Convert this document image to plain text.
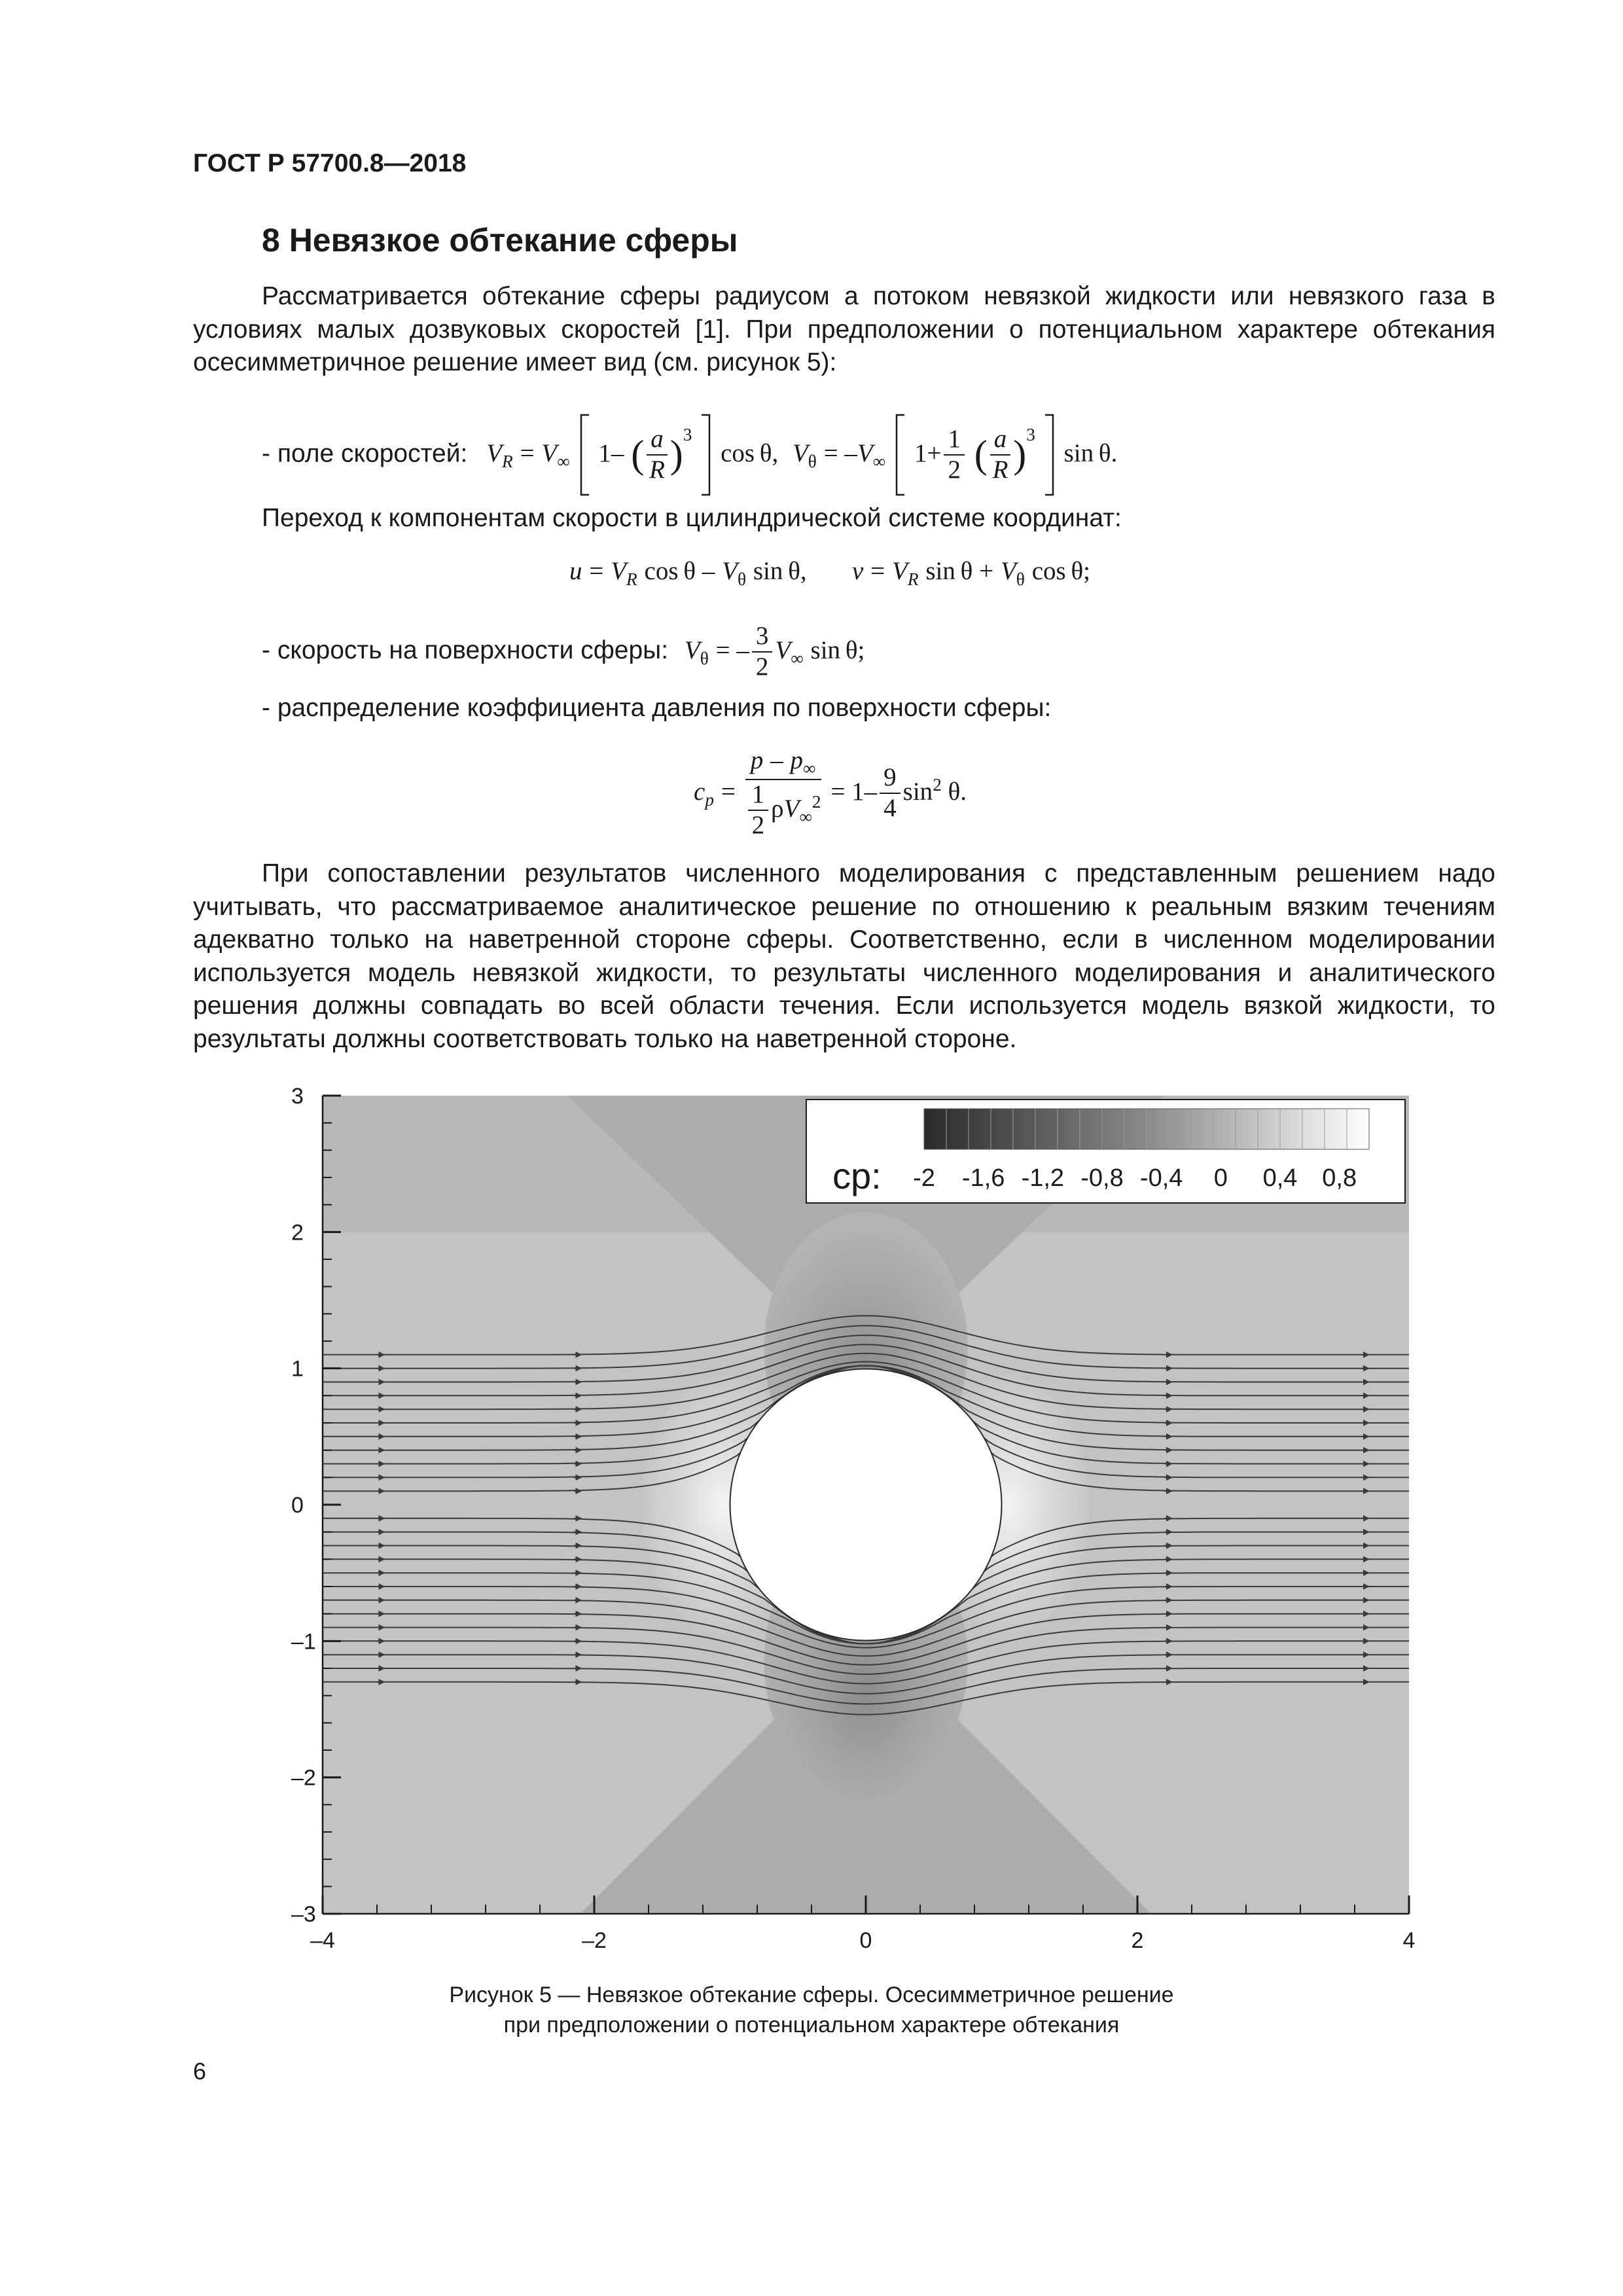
ГОСТ Р 57700.8—2018
8 Невязкое обтекание сферы

Рассматривается обтекание сферы радиусом a потоком невязкой жидкости или невязкого газа в условиях малых дозвуковых скоростей [1]. При предположении о потенциальном характере обтекания осесимметричное решение имеет вид (см. рисунок 5):

- поле скоростей: $V_R = V_\infty$ 1– ( $\frac{a}{R} )^3$  cos θ, $V_\theta = -V_\infty$ $1+ \frac{1}{2}$ ( $\frac{a}{R} )^3$  sin θ.
Переход к компонентам скорости в цилиндрической системе координат:
$u = V_R$ cos θ – $V_\theta$ sin θ,    $v = V_R$ $\sin \theta + V_\theta$ cos θ;
- скорость на поверхности сферы: $V_\theta$ = – $\frac{3}{2} V_\infty$ sin θ;
- распределение коэффициента давления по поверхности сферы:
$c_p = \frac{p - p_\infty}{\frac{1}{2} \rho V_\infty^2} = 1- \frac{9}{4} \sin^2 \theta$.

При сопоставлении результатов численного моделирования с представленным решением надо учитывать, что рассматриваемое аналитическое решение по отношению к реальным вязким течениям адекватно только на наветренной стороне сферы. Соответственно, если в численном моделировании используется модель невязкой жидкости, то результаты численного моделирования и аналитического решения должны совпадать во всей области течения. Если используется модель вязкой жидкости, то результаты должны соответствовать только на наветренной стороне.

3
2
1
0
–1
–2
–3
–4	–2	0	2	4
cp: -2 -1,6 -1,2 -0,8 -0,4 0 0,4 0,8
Рисунок 5 — Невязкое обтекание сферы. Осесимметричное решение
при предположении о потенциальном характере обтекания
6
